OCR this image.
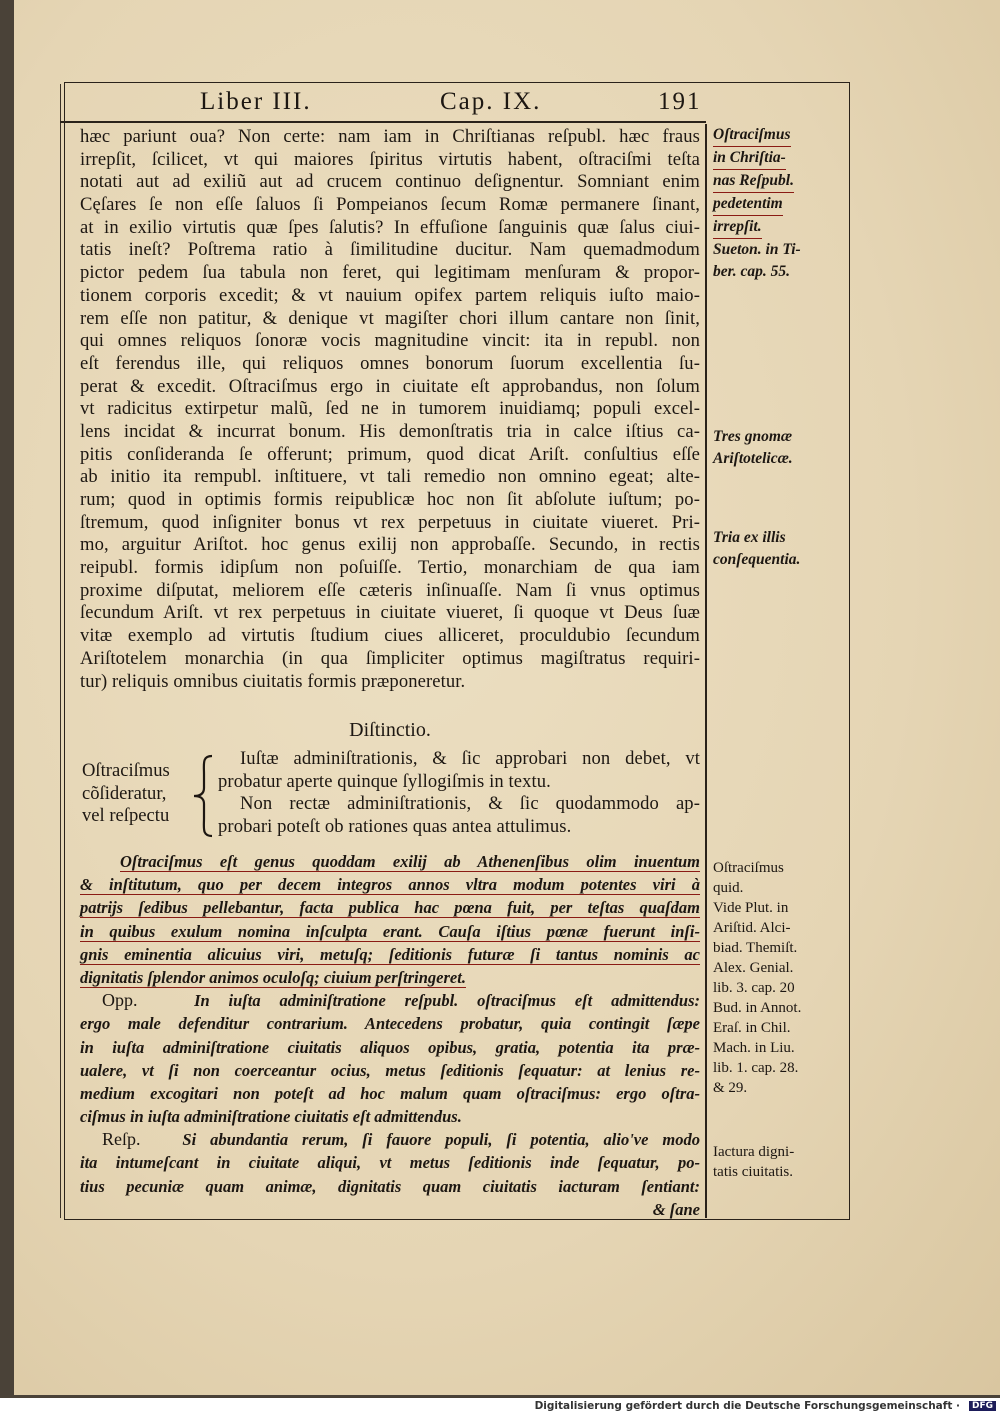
Liber III.	Cap. IX.	191
hæc pariunt oua? Non certe: nam iam in Chriſtianas reſpubl. hæc fraus
irrepſit, ſcilicet, vt qui maiores ſpiritus virtutis habent, oſtraciſmi teſta
notati aut ad exiliũ aut ad crucem continuo deſignentur. Somniant enim
Cęſares ſe non eſſe ſaluos ſi Pompeianos ſecum Romæ permanere ſinant,
at in exilio virtutis quæ ſpes ſalutis? In effuſione ſanguinis quæ ſalus ciui-
tatis ineſt? Poſtrema ratio à ſimilitudine ducitur. Nam quemadmodum
pictor pedem ſua tabula non feret, qui legitimam menſuram & propor-
tionem corporis excedit; & vt nauium opifex partem reliquis iuſto maio-
rem eſſe non patitur, & denique vt magiſter chori illum cantare non ſinit,
qui omnes reliquos ſonoræ vocis magnitudine vincit: ita in republ. non
eſt ferendus ille, qui reliquos omnes bonorum ſuorum excellentia ſu-
perat & excedit. Oſtraciſmus ergo in ciuitate eſt approbandus, non ſolum
vt radicitus extirpetur malũ, ſed ne in tumorem inuidiamq; populi excel-
lens incidat & incurrat bonum. His demonſtratis tria in calce iſtius ca-
pitis conſideranda ſe offerunt; primum, quod dicat Ariſt. conſultius eſſe
ab initio ita rempubl. inſtituere, vt tali remedio non omnino egeat; alte-
rum; quod in optimis formis reipublicæ hoc non ſit abſolute iuſtum; po-
ſtremum, quod inſigniter bonus vt rex perpetuus in ciuitate viueret. Pri-
mo, arguitur Ariſtot. hoc genus exilij non approbaſſe. Secundo, in rectis
reipubl. formis idipſum non poſuiſſe. Tertio, monarchiam de qua iam
proxime diſputat, meliorem eſſe cæteris inſinuaſſe. Nam ſi vnus optimus
ſecundum Ariſt. vt rex perpetuus in ciuitate viueret, ſi quoque vt Deus ſuæ
vitæ exemplo ad virtutis ſtudium ciues alliceret, proculdubio ſecundum
Ariſtotelem monarchia (in qua ſimpliciter optimus magiſtratus requiri-
tur) reliquis omnibus ciuitatis formis præponeretur.
Diſtinctio.
Oſtraciſmus
cõſideratur,
vel reſpectu
Iuſtæ adminiſtrationis, & ſic approbari non debet, vt
probatur aperte quinque ſyllogiſmis in textu.
Non rectæ adminiſtrationis, & ſic quodammodo ap-
probari poteſt ob rationes quas antea attulimus.
Oſtraciſmus eſt genus quoddam exilij ab Athenenſibus olim inuentum
& inſtitutum, quo per decem integros annos vltra modum potentes viri à
patrijs ſedibus pellebantur, facta publica hac pœna fuit, per teſtas quaſdam
in quibus exulum nomina inſculpta erant. Cauſa iſtius pœnæ fuerunt inſi-
gnis eminentia alicuius viri, metuſq; ſeditionis futuræ ſi tantus nominis ac
dignitatis ſplendor animos oculoſq; ciuium perſtringeret.
Opp.	In iuſta adminiſtratione reſpubl. oſtraciſmus eſt admittendus:
ergo male defenditur contrarium. Antecedens probatur, quia contingit ſæpe
in iuſta adminiſtratione ciuitatis aliquos opibus, gratia, potentia ita præ-
ualere, vt ſi non coerceantur ocius, metus ſeditionis ſequatur: at lenius re-
medium excogitari non poteſt ad hoc malum quam oſtraciſmus: ergo oſtra-
ciſmus in iuſta adminiſtratione ciuitatis eſt admittendus.
Reſp.	Si abundantia rerum, ſi fauore populi, ſi potentia, alio've modo
ita intumeſcant in ciuitate aliqui, vt metus ſeditionis inde ſequatur, po-
tius pecuniæ quam animæ, dignitatis quam ciuitatis iacturam ſentiant:
& ſane
Oſtraciſmus
in Chriſtia-
nas Reſpubl.
pedetentim
irrepſit.
Sueton. in Ti-
ber. cap. 55.
Tres gnomæ
Ariſtotelicæ.
Tria ex illis
conſequentia.
Oſtraciſmus
quid.
Vide Plut. in
Ariſtid. Alci-
biad. Themiſt.
Alex. Genial.
lib. 3. cap. 20
Bud. in Annot.
Eraſ. in Chil.
Mach. in Liu.
lib. 1. cap. 28.
& 29.
Iactura digni-
tatis ciuitatis.
Digitalisierung gefördert durch die Deutsche Forschungsgemeinschaft ·	DFG
